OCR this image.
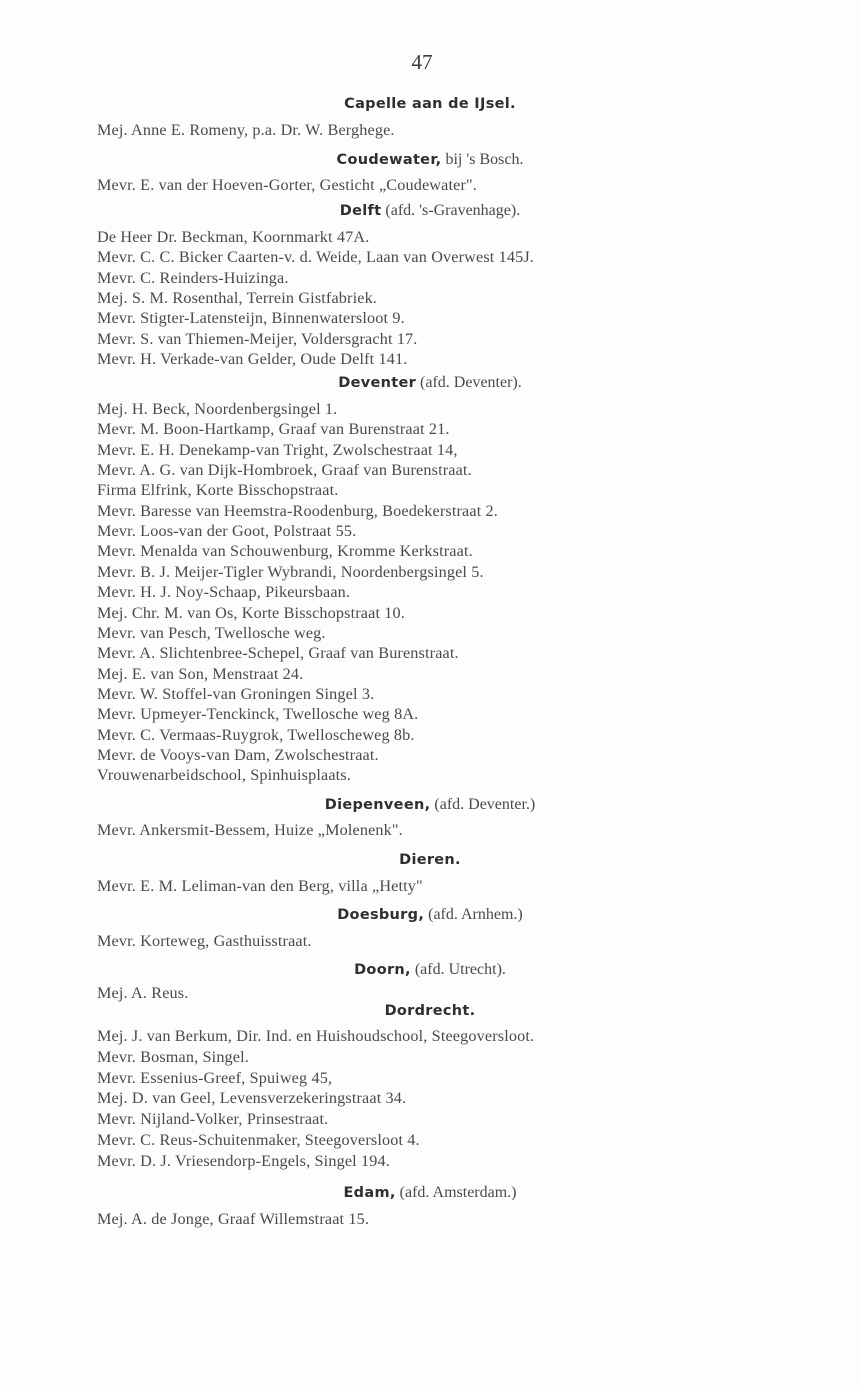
47
Capelle aan de IJsel.
Mej. Anne E. Romeny, p.a. Dr. W. Berghege.
Coudewater, bij 's Bosch.
Mevr. E. van der Hoeven-Gorter, Gesticht „Coudewater".
Delft (afd. 's-Gravenhage).
De Heer Dr. Beckman, Koornmarkt 47A.
Mevr. C. C. Bicker Caarten-v. d. Weide, Laan van Overwest 145J.
Mevr. C. Reinders-Huizinga.
Mej. S. M. Rosenthal, Terrein Gistfabriek.
Mevr. Stigter-Latensteijn, Binnenwatersloot 9.
Mevr. S. van Thiemen-Meijer, Voldersgracht 17.
Mevr. H. Verkade-van Gelder, Oude Delft 141.
Deventer (afd. Deventer).
Mej. H. Beck, Noordenbergsingel 1.
Mevr. M. Boon-Hartkamp, Graaf van Burenstraat 21.
Mevr. E. H. Denekamp-van Tright, Zwolschestraat 14,
Mevr. A. G. van Dijk-Hombroek, Graaf van Burenstraat.
Firma Elfrink, Korte Bisschopstraat.
Mevr. Baresse van Heemstra-Roodenburg, Boedekerstraat 2.
Mevr. Loos-van der Goot, Polstraat 55.
Mevr. Menalda van Schouwenburg, Kromme Kerkstraat.
Mevr. B. J. Meijer-Tigler Wybrandi, Noordenbergsingel 5.
Mevr. H. J. Noy-Schaap, Pikeursbaan.
Mej. Chr. M. van Os, Korte Bisschopstraat 10.
Mevr. van Pesch, Twellosche weg.
Mevr. A. Slichtenbree-Schepel, Graaf van Burenstraat.
Mej. E. van Son, Menstraat 24.
Mevr. W. Stoffel-van Groningen Singel 3.
Mevr. Upmeyer-Tenckinck, Twellosche weg 8A.
Mevr. C. Vermaas-Ruygrok, Twelloscheweg 8b.
Mevr. de Vooys-van Dam, Zwolschestraat.
Vrouwenarbeidschool, Spinhuisplaats.
Diepenveen, (afd. Deventer.)
Mevr. Ankersmit-Bessem, Huize „Molenenk".
Dieren.
Mevr. E. M. Leliman-van den Berg, villa „Hetty"
Doesburg, (afd. Arnhem.)
Mevr. Korteweg, Gasthuisstraat.
Doorn, (afd. Utrecht).
Mej. A. Reus.
Dordrecht.
Mej. J. van Berkum, Dir. Ind. en Huishoudschool, Steegoversloot.
Mevr. Bosman, Singel.
Mevr. Essenius-Greef, Spuiweg 45,
Mej. D. van Geel, Levensverzekeringstraat 34.
Mevr. Nijland-Volker, Prinsestraat.
Mevr. C. Reus-Schuitenmaker, Steegoversloot 4.
Mevr. D. J. Vriesendorp-Engels, Singel 194.
Edam, (afd. Amsterdam.)
Mej. A. de Jonge, Graaf Willemstraat 15.
